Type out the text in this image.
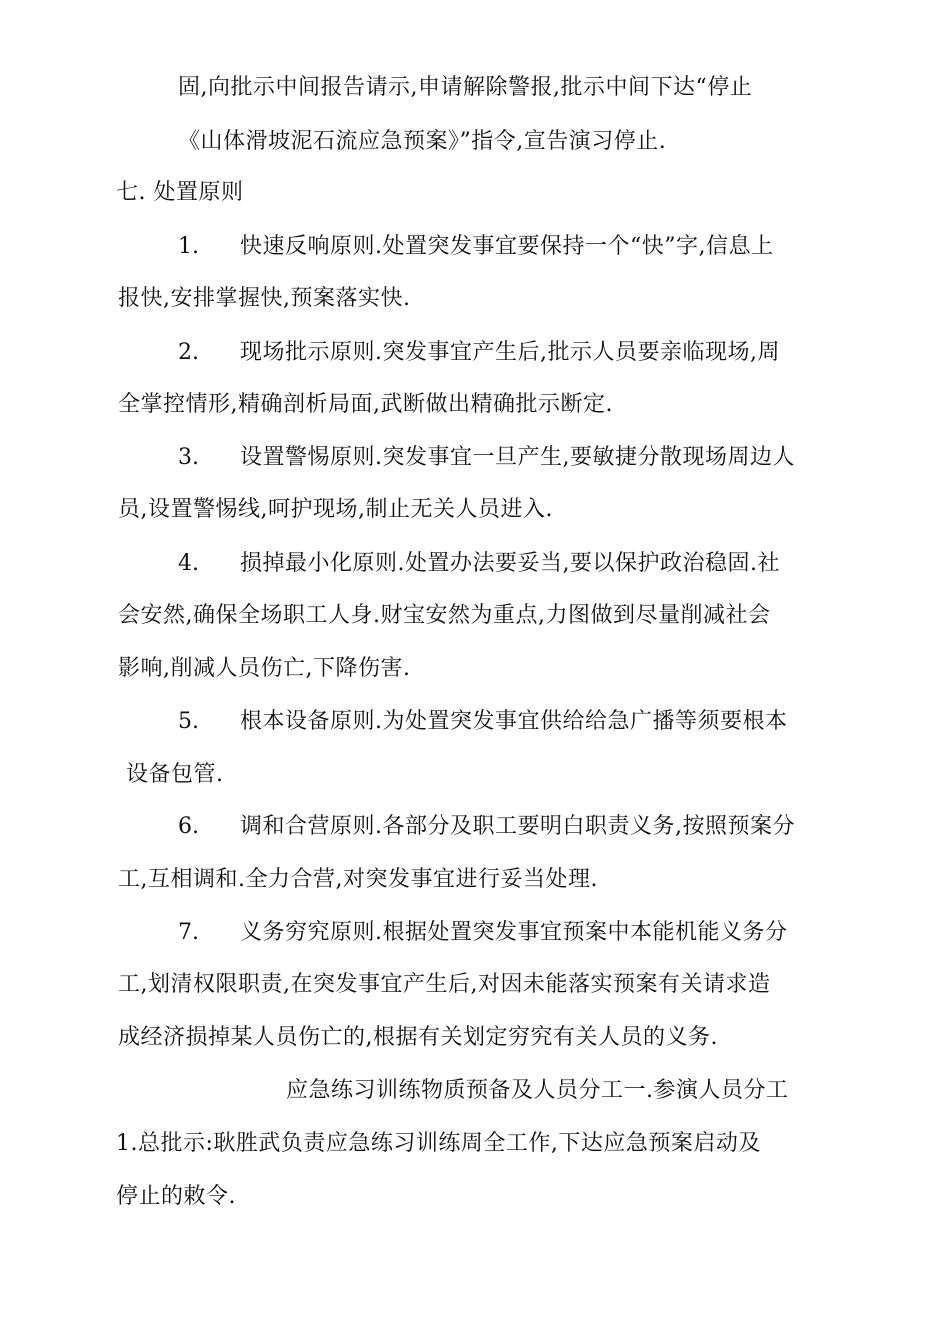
固,向批示中间报告请示,申请解除警报,批示中间下达“停止
《山体滑坡泥石流应急预案》”指令,宣告演习停止.
七. 处置原则
1. 快速反响原则.处置突发事宜要保持一个“快”字,信息上
报快,安排掌握快,预案落实快.
2. 现场批示原则.突发事宜产生后,批示人员要亲临现场,周
全掌控情形,精确剖析局面,武断做出精确批示断定.
3. 设置警惕原则.突发事宜一旦产生,要敏捷分散现场周边人
员,设置警惕线,呵护现场,制止无关人员进入.
4. 损掉最小化原则.处置办法要妥当,要以保护政治稳固.社
会安然,确保全场职工人身.财宝安然为重点,力图做到尽量削减社会
影响,削减人员伤亡,下降伤害.
5. 根本设备原则.为处置突发事宜供给给急广播等须要根本
设备包管.
6. 调和合营原则.各部分及职工要明白职责义务,按照预案分
工,互相调和.全力合营,对突发事宜进行妥当处理.
7. 义务穷究原则.根据处置突发事宜预案中本能机能义务分
工,划清权限职责,在突发事宜产生后,对因未能落实预案有关请求造
成经济损掉某人员伤亡的,根据有关划定穷究有关人员的义务.
应急练习训练物质预备及人员分工一.参演人员分工
1.总批示:耿胜武负责应急练习训练周全工作,下达应急预案启动及
停止的敕令.
